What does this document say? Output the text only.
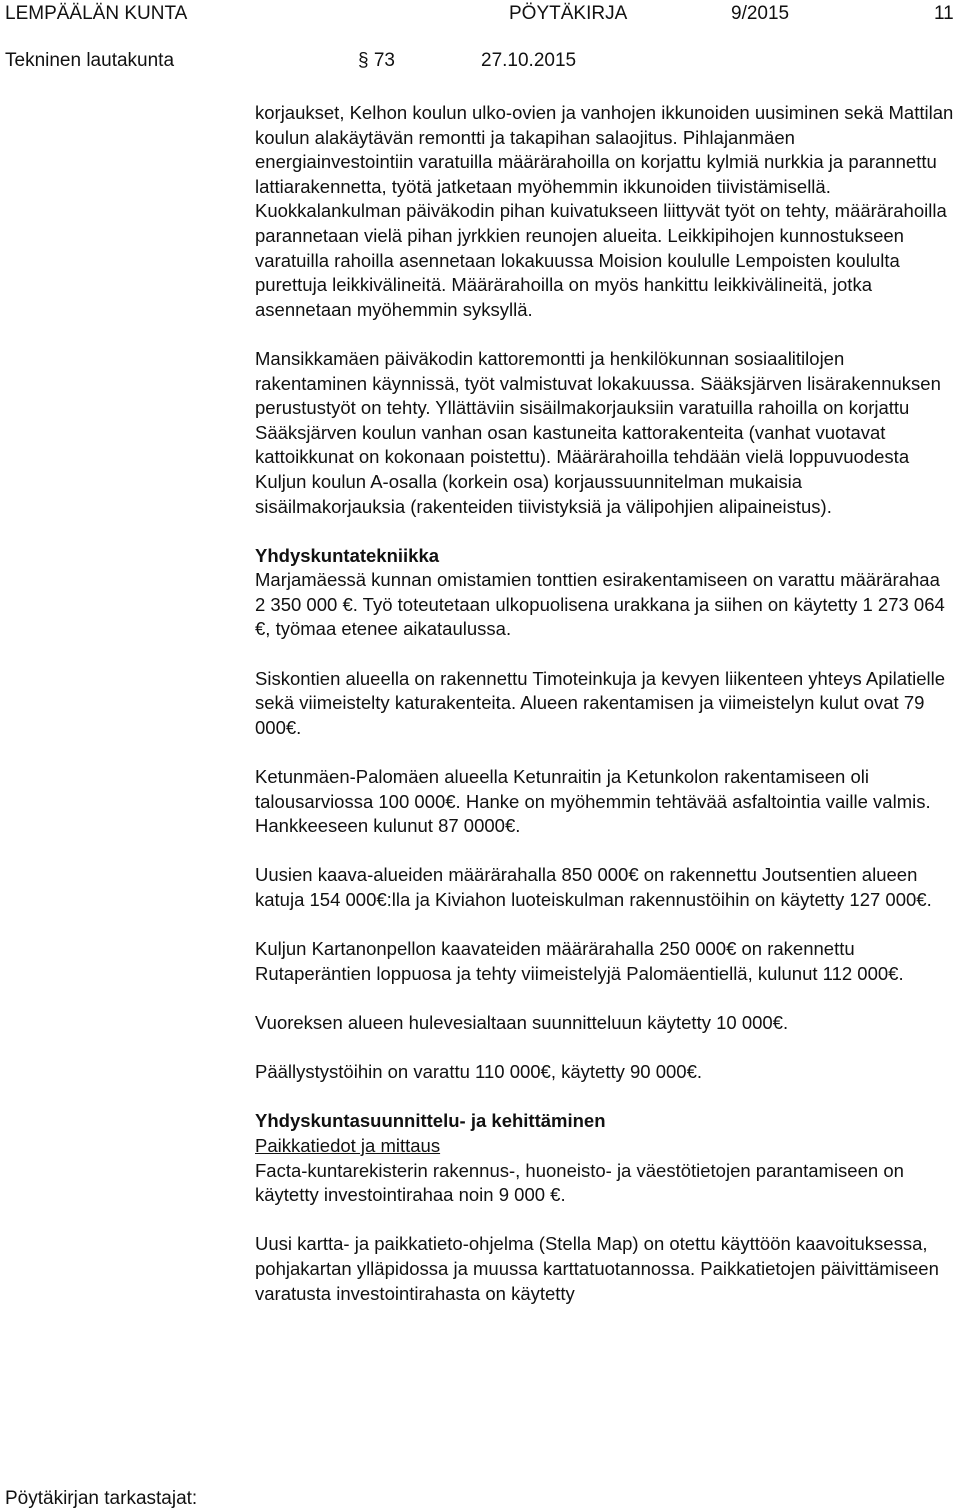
LEMPÄÄLÄN KUNTA	PÖYTÄKIRJA	9/2015	11
Tekninen lautakunta	§ 73	27.10.2015

korjaukset, Kelhon koulun ulko-ovien ja vanhojen ikkunoiden uusiminen sekä Mattilan koulun alakäytävän remontti ja takapihan salaojitus. Pihlajanmäen energiainvestointiin varatuilla määrärahoilla on korjattu kylmiä nurkkia ja parannettu lattiarakennetta, työtä jatketaan myöhemmin ikkunoiden tiivistämisellä. Kuokkalankulman päiväkodin pihan kuivatukseen liittyvät työt on tehty, määrärahoilla parannetaan vielä pihan jyrkkien reunojen alueita. Leikkipihojen kunnostukseen varatuilla rahoilla asennetaan lokakuussa Moision koululle Lempoisten koululta purettuja leikkivälineitä. Määrärahoilla on myös hankittu leikkivälineitä, jotka asennetaan myöhemmin syksyllä.

Mansikkamäen päiväkodin kattoremontti ja henkilökunnan sosiaalitilojen rakentaminen käynnissä, työt valmistuvat lokakuussa. Sääksjärven lisärakennuksen perustustyöt on tehty. Yllättäviin sisäilmakorjauksiin varatuilla rahoilla on korjattu Sääksjärven koulun vanhan osan kastuneita kattorakenteita (vanhat vuotavat kattoikkunat on kokonaan poistettu). Määrärahoilla tehdään vielä loppuvuodesta Kuljun koulun A-osalla (korkein osa) korjaussuunnitelman mukaisia sisäilmakorjauksia (rakenteiden tiivistyksiä ja välipohjien alipaineistus).

Yhdyskuntatekniikka

Marjamäessä kunnan omistamien tonttien esirakentamiseen on varattu määrärahaa 2 350 000 €. Työ toteutetaan ulkopuolisena urakkana ja siihen on käytetty 1 273 064 €, työmaa etenee aikataulussa.

Siskontien alueella on rakennettu Timoteinkuja ja kevyen liikenteen yhteys Apilatielle sekä viimeistelty katurakenteita. Alueen rakentamisen ja viimeistelyn kulut ovat 79 000€.

Ketunmäen-Palomäen alueella Ketunraitin ja Ketunkolon rakentamiseen oli talousarviossa 100 000€. Hanke on myöhemmin tehtävää asfaltointia vaille valmis. Hankkeeseen kulunut 87 0000€.

Uusien kaava-alueiden määrärahalla 850 000€ on rakennettu Joutsentien alueen katuja 154 000€:lla ja Kiviahon luoteiskulman rakennustöihin on käytetty 127 000€.

Kuljun Kartanonpellon kaavateiden määrärahalla 250 000€ on rakennettu Rutaperäntien loppuosa ja tehty viimeistelyjä Palomäentiellä, kulunut 112 000€.

Vuoreksen alueen hulevesialtaan suunnitteluun käytetty 10 000€.

Päällystystöihin on varattu 110 000€, käytetty 90 000€.

Yhdyskuntasuunnittelu- ja kehittäminen

Paikkatiedot ja mittaus

Facta-kuntarekisterin rakennus-, huoneisto- ja väestötietojen parantamiseen on käytetty investointirahaa noin 9 000 €.

Uusi kartta- ja paikkatieto-ohjelma (Stella Map) on otettu käyttöön kaavoituksessa, pohjakartan ylläpidossa ja muussa karttatuotannossa. Paikkatietojen päivittämiseen varatusta investointirahasta on käytetty

Pöytäkirjan tarkastajat:
